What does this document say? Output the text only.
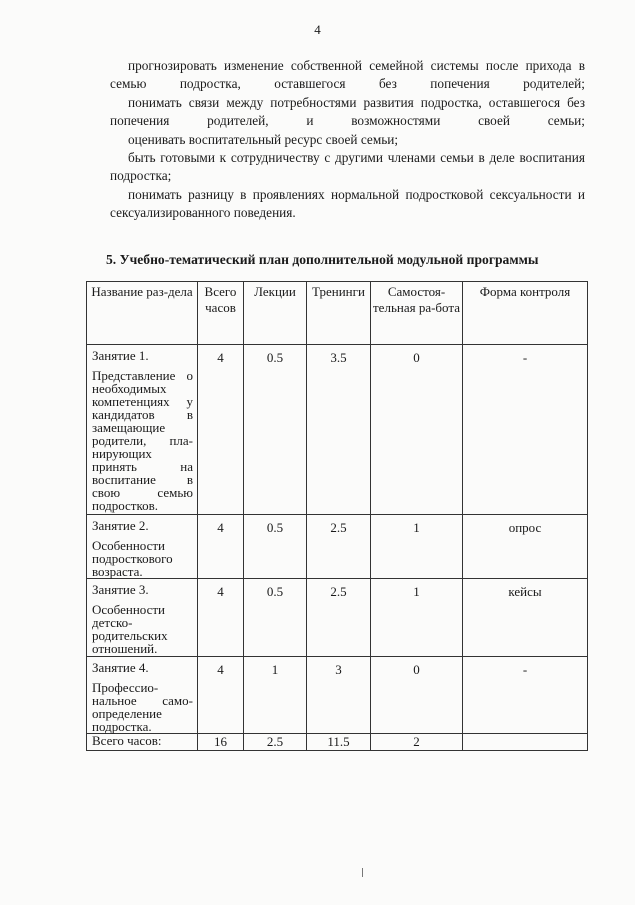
4

прогнозировать изменение собственной семейной системы после прихода в семью подростка, оставшегося без попечения родителей;

понимать связи между потребностями развития подростка, оставшегося без попечения родителей, и возможностями своей семьи;

оценивать воспитательный ресурс своей семьи;

быть готовыми к сотрудничеству с другими членами семьи в деле воспитания подростка;

понимать разницу в проявлениях нормальной подростковой сексуальности и сексуализированного поведения.

5. Учебно-тематический план дополнительной модульной программы
Название раз-дела	Всего часов	Лекции	Тренинги	Самостоя-тельная ра-бота	Форма контроля

Занятие 1.
Представление о необходимых компетенциях у кандидатов в замещающие родители, пла-нирующих принять на воспитание в свою семью подростков.	4	0.5	3.5	0	-

Занятие 2.
Особенности подросткового возраста.	4	0.5	2.5	1	опрос

Занятие 3.
Особенности детско-родительских отношений.	4	0.5	2.5	1	кейсы

Занятие 4.
Профессио-нальное само-определение подростка.	4	1	3	0	-
Всего часов:	16	2.5	11.5	2	
